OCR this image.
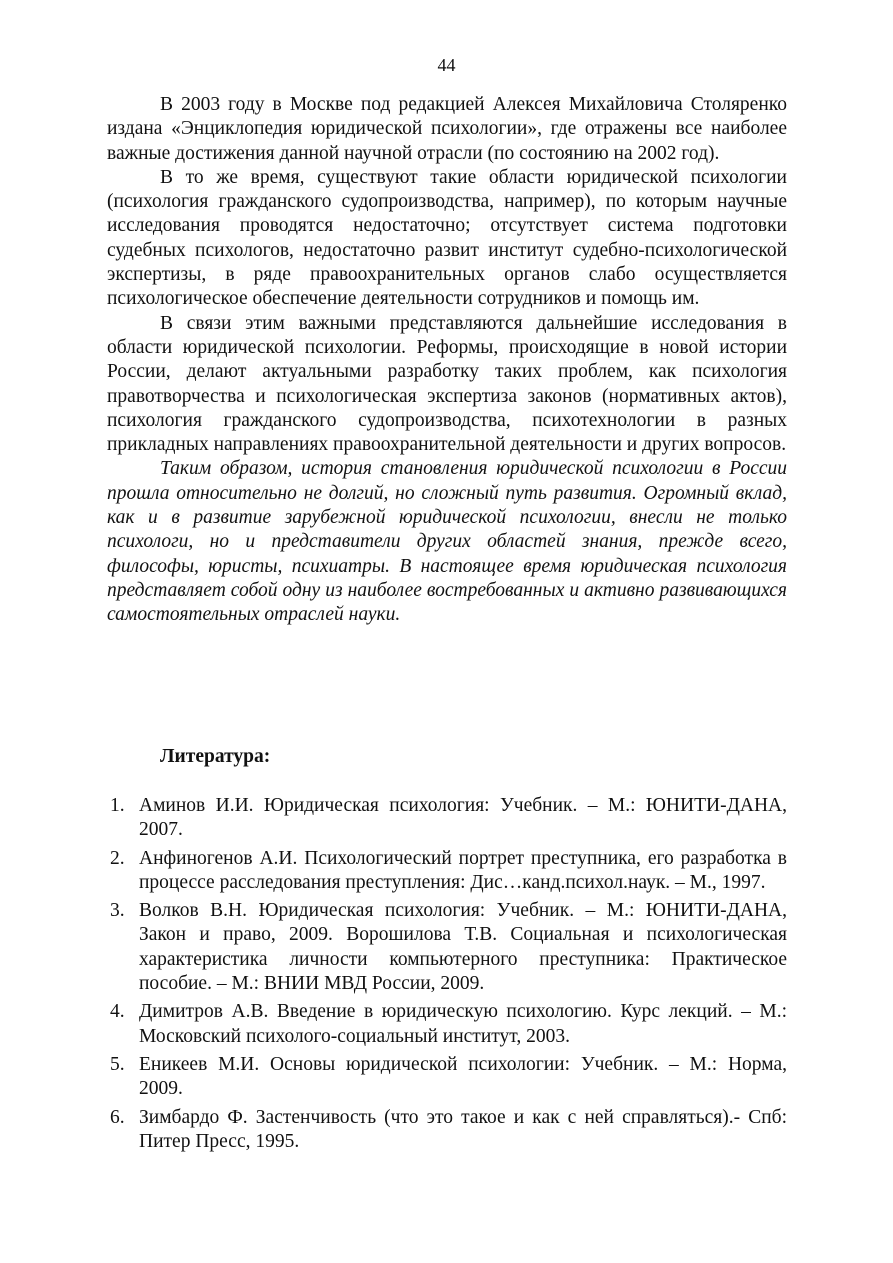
44

В 2003 году в Москве под редакцией Алексея Михайловича Столяренко издана «Энциклопедия юридической психологии», где отражены все наиболее важные достижения данной научной отрасли (по состоянию на 2002 год).

В то же время, существуют такие области юридической психологии (психология гражданского судопроизводства, например), по которым научные исследования проводятся недостаточно; отсутствует система подготовки судебных психологов, недостаточно развит институт судебно-психологической экспертизы, в ряде правоохранительных органов слабо осуществляется психологическое обеспечение деятельности сотрудников и помощь им.

В связи этим важными представляются дальнейшие исследования в области юридической психологии. Реформы, происходящие в новой истории России, делают актуальными разработку таких проблем, как психология правотворчества и психологическая экспертиза законов (нормативных актов), психология гражданского судопроизводства, психотехнологии в разных прикладных направлениях правоохранительной деятельности и других вопросов.

Таким образом, история становления юридической психологии в России прошла относительно не долгий, но сложный путь развития. Огромный вклад, как и в развитие зарубежной юридической психологии, внесли не только психологи, но и представители других областей знания, прежде всего, философы, юристы, психиатры. В настоящее время юридическая психология представляет собой одну из наиболее востребованных и активно развивающихся самостоятельных отраслей науки.

Литература:
1. Аминов И.И. Юридическая психология: Учебник. – М.: ЮНИТИ-ДАНА, 2007.
2. Анфиногенов А.И. Психологический портрет преступника, его разработка в процессе расследования преступления: Дис…канд.психол.наук. – М., 1997.
3. Волков В.Н. Юридическая психология: Учебник. – М.: ЮНИТИ-ДАНА, Закон и право, 2009. Ворошилова Т.В. Социальная и психологическая характеристика личности компьютерного преступника: Практическое пособие. – М.: ВНИИ МВД России, 2009.
4. Димитров А.В. Введение в юридическую психологию. Курс лекций. – М.: Московский психолого-социальный институт, 2003.
5. Еникеев М.И. Основы юридической психологии: Учебник. – М.: Норма, 2009.
6. Зимбардо Ф. Застенчивость (что это такое и как с ней справляться).- Спб: Питер Пресс, 1995.
